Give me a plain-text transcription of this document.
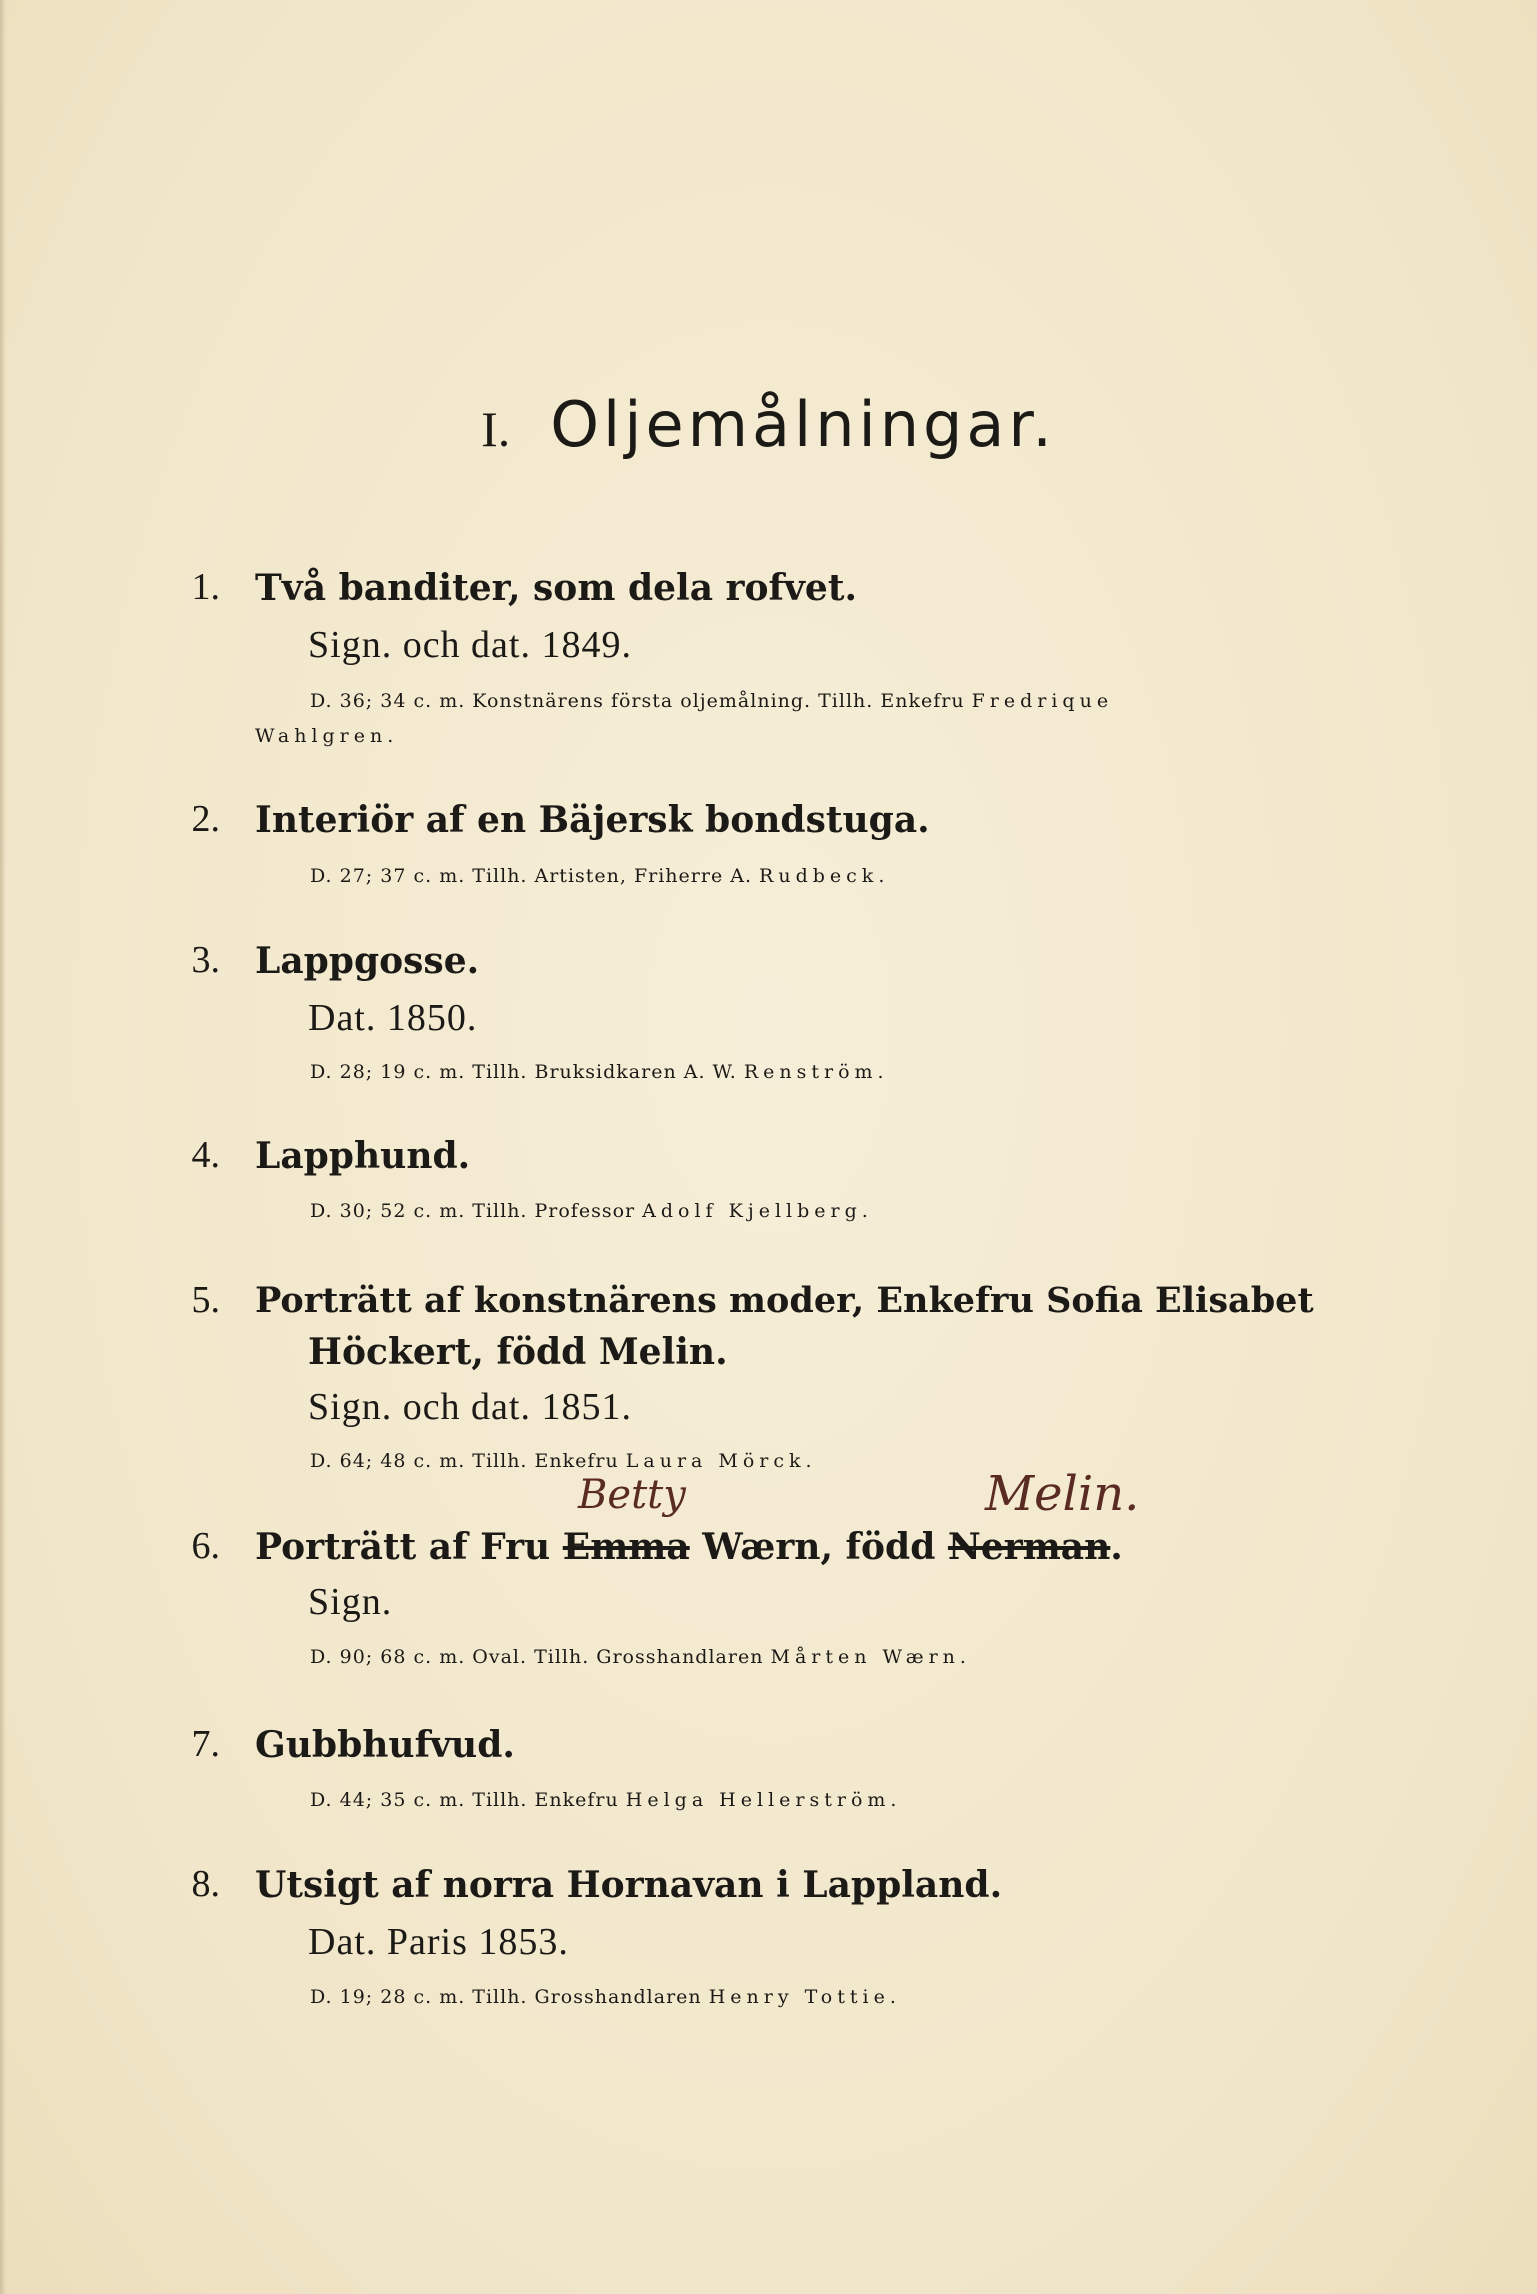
I. Oljemålningar.
1. Två banditer, som dela rofvet.
Sign. och dat. 1849.
D. 36; 34 c. m. Konstnärens första oljemålning. Tillh. Enkefru Fredrique
Wahlgren.
2. Interiör af en Bäjersk bondstuga.
D. 27; 37 c. m. Tillh. Artisten, Friherre A. Rudbeck.
3. Lappgosse.
Dat. 1850.
D. 28; 19 c. m. Tillh. Bruksidkaren A. W. Renström.
4. Lapphund.
D. 30; 52 c. m. Tillh. Professor Adolf Kjellberg.
5. Porträtt af konstnärens moder, Enkefru Sofia Elisabet
Höckert, född Melin.
Sign. och dat. 1851.
D. 64; 48 c. m. Tillh. Enkefru Laura Mörck.
Betty	Melin.
6. Porträtt af Fru Emma Wærn, född Nerman.
Sign.
D. 90; 68 c. m. Oval. Tillh. Grosshandlaren Mårten Wærn.
7. Gubbhufvud.
D. 44; 35 c. m. Tillh. Enkefru Helga Hellerström.
8. Utsigt af norra Hornavan i Lappland.
Dat. Paris 1853.
D. 19; 28 c. m. Tillh. Grosshandlaren Henry Tottie.
